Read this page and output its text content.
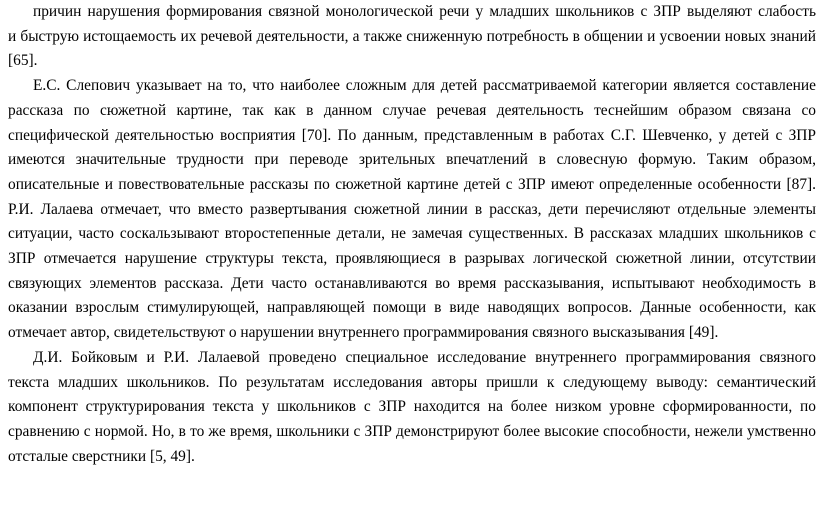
причин нарушения формирования связной монологической речи у младших школьников с ЗПР выделяют слабость
и быструю истощаемость их речевой деятельности, а также сниженную потребность в общении и усвоении новых знаний
[65].
Е.С. Слепович указывает на то, что наиболее сложным для детей рассматриваемой категории является составление
рассказа по сюжетной картине, так как в данном случае речевая деятельность теснейшим образом связана со
специфической деятельностью восприятия [70]. По данным, представленным в работах С.Г. Шевченко, у детей с ЗПР
имеются значительные трудности при переводе зрительных впечатлений в словесную формую. Таким образом,
описательные и повествовательные рассказы по сюжетной картине детей с ЗПР имеют определенные особенности [87].
Р.И. Лалаева отмечает, что вместо развертывания сюжетной линии в рассказ, дети перечисляют отдельные элементы
ситуации, часто соскальзывают второстепенные детали, не замечая существенных. В рассказах младших школьников с
ЗПР отмечается нарушение структуры текста, проявляющиеся в разрывах логической сюжетной линии, отсутствии
связующих элементов рассказа. Дети часто останавливаются во время рассказывания, испытывают необходимость в
оказании взрослым стимулирующей, направляющей помощи в виде наводящих вопросов. Данные особенности, как
отмечает автор, свидетельствуют о нарушении внутреннего программирования связного высказывания [49].
Д.И. Бойковым и Р.И. Лалаевой проведено специальное исследование внутреннего программирования связного
текста младших школьников. По результатам исследования авторы пришли к следующему выводу: семантический
компонент структурирования текста у школьников с ЗПР находится на более низком уровне сформированности, по
сравнению с нормой. Но, в то же время, школьники с ЗПР демонстрируют более высокие способности, нежели умственно
отсталые сверстники [5, 49].
